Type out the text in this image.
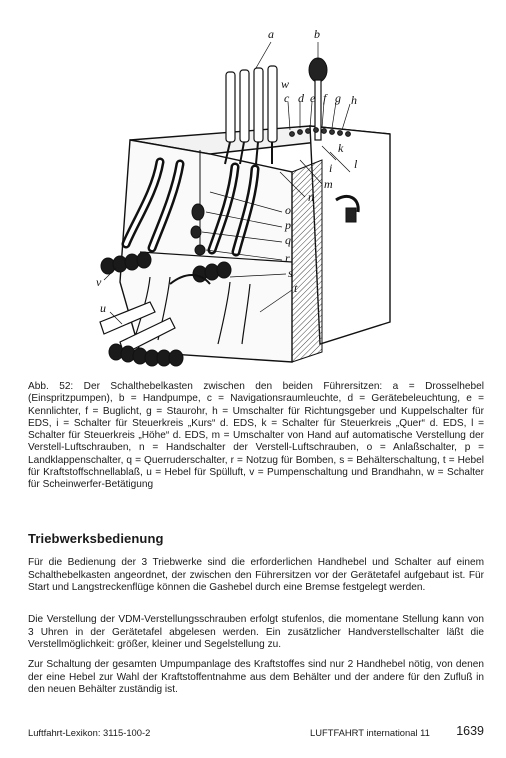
a	b
w
c d e f g h
k
l
i
m
n
o
p
q
r
s
t
v
u

Abb. 52: Der Schalthebelkasten zwischen den beiden Führersitzen: a = Drosselhebel (Einspritzpumpen), b = Handpumpe, c = Navigationsraumleuchte, d = Gerätebeleuchtung, e = Kennlichter, f = Buglicht, g = Staurohr, h = Umschalter für Richtungsgeber und Kuppelschalter für EDS, i = Schalter für Steuerkreis „Kurs“ d. EDS, k = Schalter für Steuerkreis „Quer“ d. EDS, l = Schalter für Steuerkreis „Höhe“ d. EDS, m = Umschalter von Hand auf automatische Verstellung der Verstell-Luftschrauben, n = Handschalter der Verstell-Luftschrauben, o = Anlaßschalter, p = Landklappenschalter, q = Querruderschalter, r = Notzug für Bomben, s = Behälterschaltung, t = Hebel für Kraftstoffschnellablaß, u = Hebel für Spülluft, v = Pumpenschaltung und Brandhahn, w = Schalter für Scheinwerfer-Betätigung

Triebwerksbedienung

Für die Bedienung der 3 Triebwerke sind die erforderlichen Handhebel und Schalter auf einem Schalthebelkasten angeordnet, der zwischen den Führersitzen vor der Gerätetafel aufgebaut ist. Für Start und Langstreckenflüge können die Gashebel durch eine Bremse festgelegt werden.

Die Verstellung der VDM-Verstellungsschrauben erfolgt stufenlos, die momentane Stellung kann von 3 Uhren in der Gerätetafel abgelesen werden. Ein zusätzlicher Handverstellschalter läßt die Verstellmöglichkeit: größer, kleiner und Segelstellung zu.

Zur Schaltung der gesamten Umpumpanlage des Kraftstoffes sind nur 2 Handhebel nötig, von denen der eine Hebel zur Wahl der Kraftstoffentnahme aus dem Behälter und der andere für den Zufluß in den neuen Behälter zuständig ist.

Luftfahrt-Lexikon: 3115-100-2	LUFTFAHRT international 11 1639
